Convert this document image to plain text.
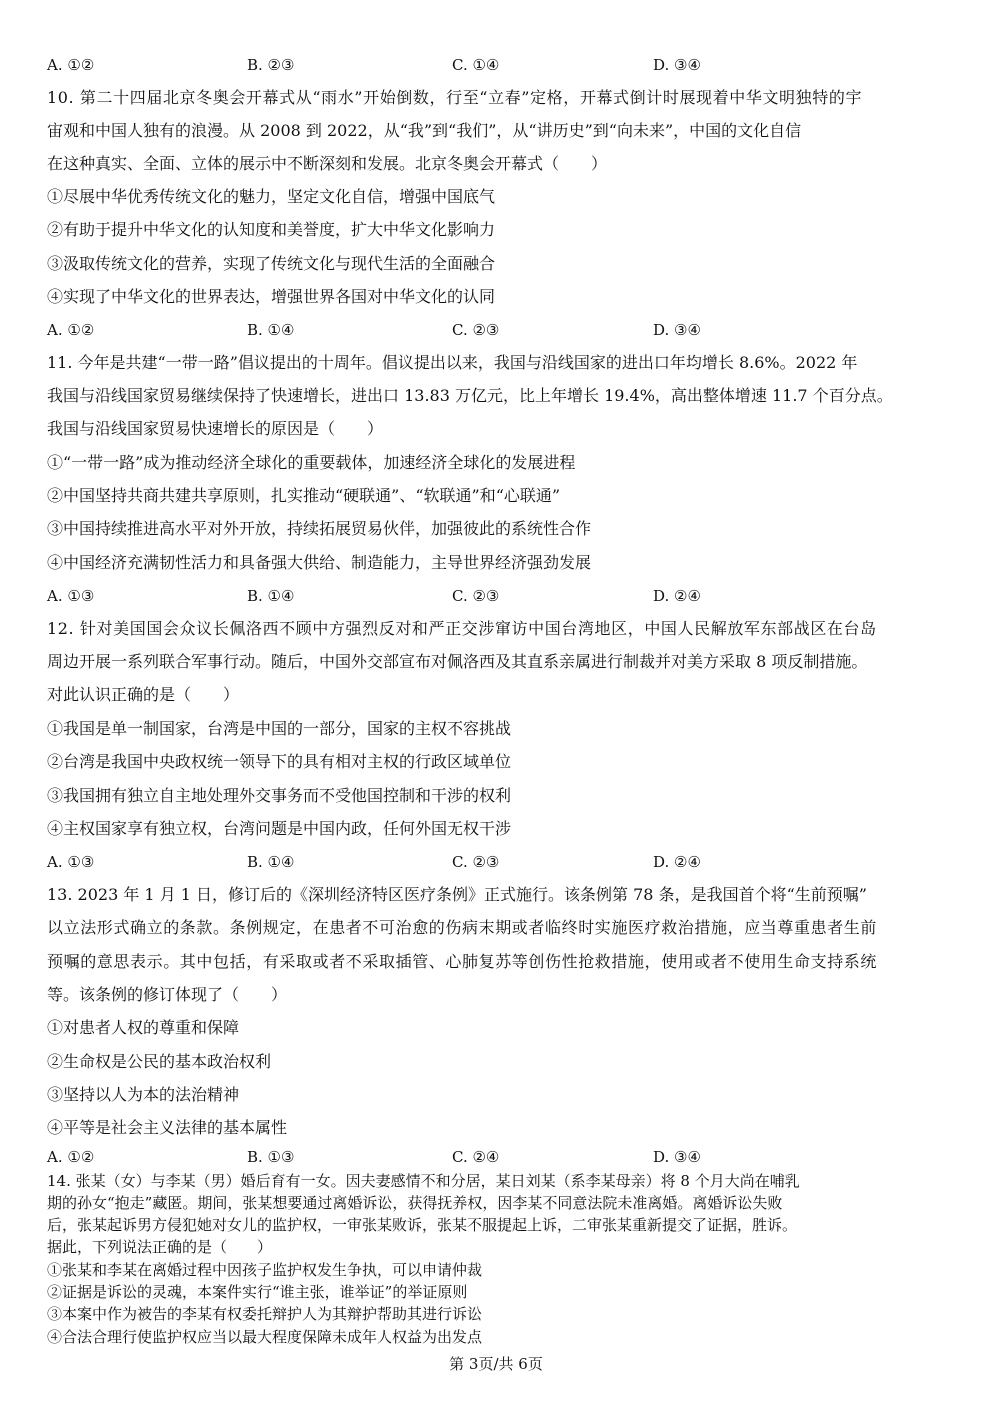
A. ①②	B. ②③	C. ①④	D. ③④
10. 第二十四届北京冬奥会开幕式从“雨水”开始倒数，行至“立春”定格，开幕式倒计时展现着中华文明独特的宇
宙观和中国人独有的浪漫。从 2008 到 2022，从“我”到“我们”，从“讲历史”到“向未来”，中国的文化自信
在这种真实、全面、立体的展示中不断深刻和发展。北京冬奥会开幕式（　　）
①尽展中华优秀传统文化的魅力，坚定文化自信，增强中国底气
②有助于提升中华文化的认知度和美誉度，扩大中华文化影响力
③汲取传统文化的营养，实现了传统文化与现代生活的全面融合
④实现了中华文化的世界表达，增强世界各国对中华文化的认同
A. ①②	B. ①④	C. ②③	D. ③④
11. 今年是共建“一带一路”倡议提出的十周年。倡议提出以来，我国与沿线国家的进出口年均增长 8.6%。2022 年
我国与沿线国家贸易继续保持了快速增长，进出口 13.83 万亿元，比上年增长 19.4%，高出整体增速 11.7 个百分点。
我国与沿线国家贸易快速增长的原因是（　　）
①“一带一路”成为推动经济全球化的重要载体，加速经济全球化的发展进程
②中国坚持共商共建共享原则，扎实推动“硬联通”、“软联通”和“心联通”
③中国持续推进高水平对外开放，持续拓展贸易伙伴，加强彼此的系统性合作
④中国经济充满韧性活力和具备强大供给、制造能力，主导世界经济强劲发展
A. ①③	B. ①④	C. ②③	D. ②④
12. 针对美国国会众议长佩洛西不顾中方强烈反对和严正交涉窜访中国台湾地区，中国人民解放军东部战区在台岛
周边开展一系列联合军事行动。随后，中国外交部宣布对佩洛西及其直系亲属进行制裁并对美方采取 8 项反制措施。
对此认识正确的是（　　）
①我国是单一制国家，台湾是中国的一部分，国家的主权不容挑战
②台湾是我国中央政权统一领导下的具有相对主权的行政区域单位
③我国拥有独立自主地处理外交事务而不受他国控制和干涉的权利
④主权国家享有独立权，台湾问题是中国内政，任何外国无权干涉
A. ①③	B. ①④	C. ②③	D. ②④
13. 2023 年 1 月 1 日，修订后的《深圳经济特区医疗条例》正式施行。该条例第 78 条，是我国首个将“生前预嘱”
以立法形式确立的条款。条例规定，在患者不可治愈的伤病末期或者临终时实施医疗救治措施，应当尊重患者生前
预嘱的意思表示。其中包括，有采取或者不采取插管、心肺复苏等创伤性抢救措施，使用或者不使用生命支持系统
等。该条例的修订体现了（　　）
①对患者人权的尊重和保障
②生命权是公民的基本政治权利
③坚持以人为本的法治精神
④平等是社会主义法律的基本属性
A. ①②	B. ①③	C. ②④	D. ③④
14. 张某（女）与李某（男）婚后育有一女。因夫妻感情不和分居，某日刘某（系李某母亲）将 8 个月大尚在哺乳
期的孙女“抱走”藏匿。期间，张某想要通过离婚诉讼，获得抚养权，因李某不同意法院未准离婚。离婚诉讼失败
后，张某起诉男方侵犯她对女儿的监护权，一审张某败诉，张某不服提起上诉，二审张某重新提交了证据，胜诉。
据此，下列说法正确的是（　　）
①张某和李某在离婚过程中因孩子监护权发生争执，可以申请仲裁
②证据是诉讼的灵魂，本案件实行“谁主张，谁举证”的举证原则
③本案中作为被告的李某有权委托辩护人为其辩护帮助其进行诉讼
④合法合理行使监护权应当以最大程度保障未成年人权益为出发点
第 3页/共 6页
